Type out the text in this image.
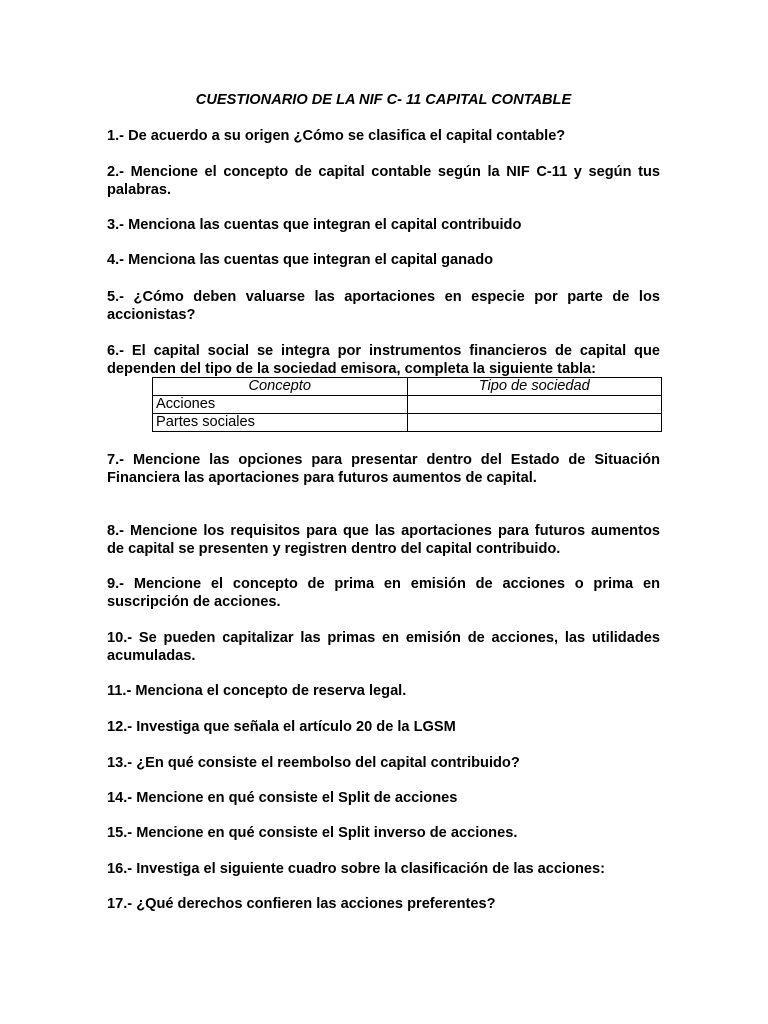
CUESTIONARIO DE LA NIF C- 11 CAPITAL CONTABLE

1.- De acuerdo a su origen ¿Cómo se clasifica el capital contable?

2.- Mencione el concepto de capital contable según la NIF C-11 y según tus palabras.

3.- Menciona las cuentas que integran el capital contribuido

4.- Menciona las cuentas que integran el capital ganado

5.- ¿Cómo deben valuarse las aportaciones en especie por parte de los accionistas?

6.- El capital social se integra por instrumentos financieros de capital que dependen del tipo de la sociedad emisora, completa la siguiente tabla:

Concepto	Tipo de sociedad
Acciones	
Partes sociales	

7.- Mencione las opciones para presentar dentro del Estado de Situación Financiera las aportaciones para futuros aumentos de capital.

8.- Mencione los requisitos para que las aportaciones para futuros aumentos de capital se presenten y registren dentro del capital contribuido.

9.- Mencione el concepto de prima en emisión de acciones o prima en suscripción de acciones.

10.- Se pueden capitalizar las primas en emisión de acciones, las utilidades acumuladas.

11.- Menciona el concepto de reserva legal.

12.- Investiga que señala el artículo 20 de la LGSM

13.- ¿En qué consiste el reembolso del capital contribuido?

14.- Mencione en qué consiste el Split de acciones

15.- Mencione en qué consiste el Split inverso de acciones.

16.- Investiga el siguiente cuadro sobre la clasificación de las acciones:

17.- ¿Qué derechos confieren las acciones preferentes?
